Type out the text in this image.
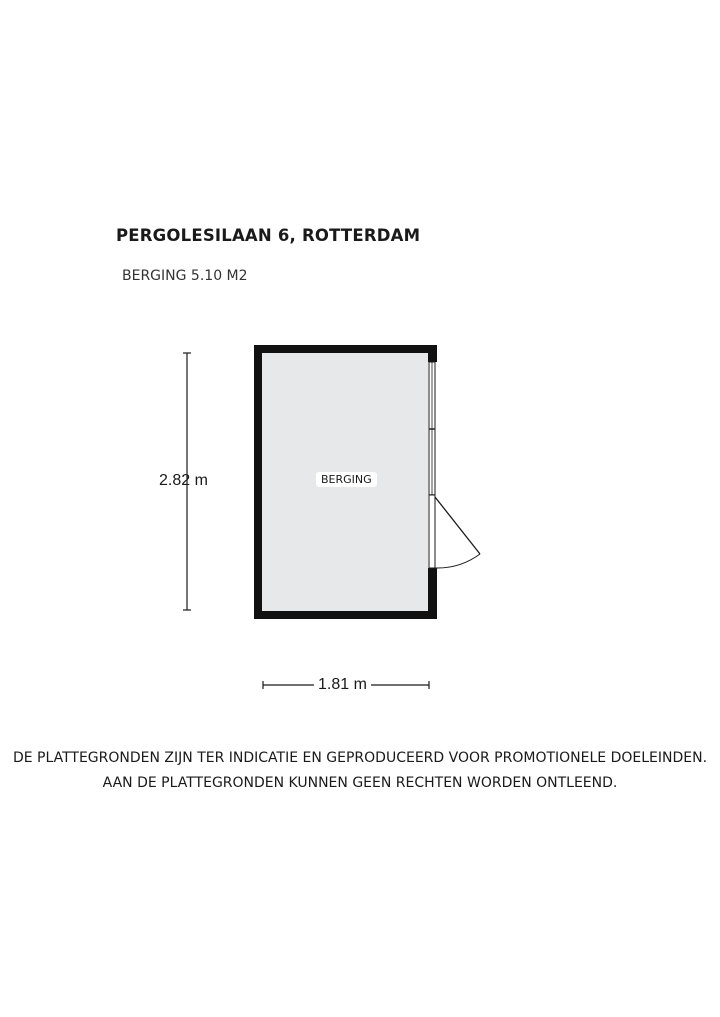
PERGOLESILAAN 6, ROTTERDAM
BERGING 5.10 M2
2.82 m
1.81 m
BERGING
DE PLATTEGRONDEN ZIJN TER INDICATIE EN GEPRODUCEERD VOOR PROMOTIONELE DOELEINDEN.
AAN DE PLATTEGRONDEN KUNNEN GEEN RECHTEN WORDEN ONTLEEND.
